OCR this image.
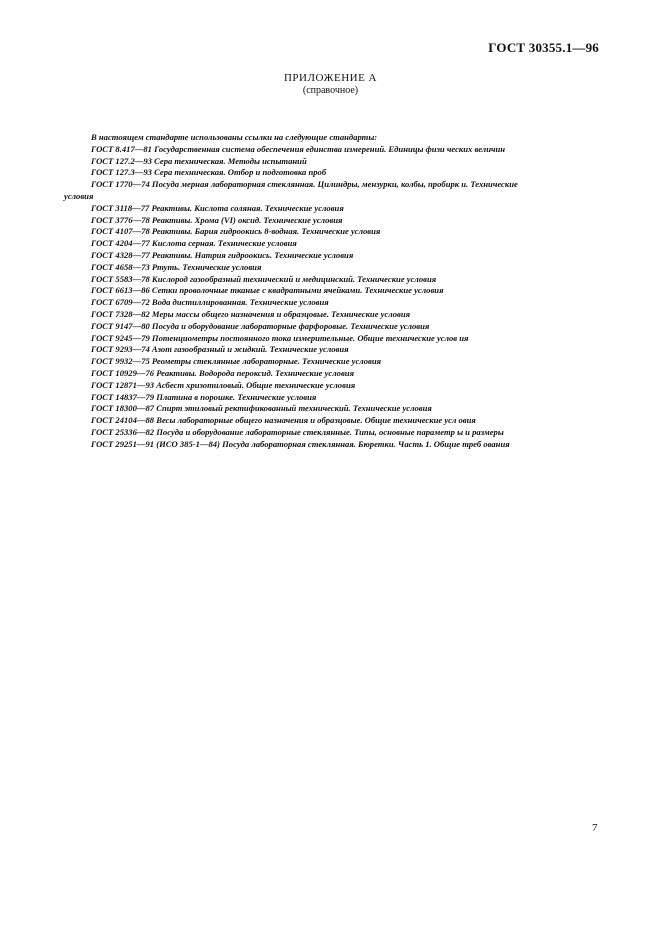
ГОСТ 30355.1—96
ПРИЛОЖЕНИЕ А
(справочное)
В настоящем стандарте использованы ссылки на следующие стандарты:
ГОСТ 8.417—81 Государственная система обеспечения единства измерений. Единицы физи ческих величин
ГОСТ 127.2—93 Сера техническая. Методы испытаний
ГОСТ 127.3—93 Сера техническая. Отбор и подготовка проб
ГОСТ 1770—74 Посуда мерная лабораторная стеклянная. Цилиндры, мензурки, колбы, пробирк и. Технические
условия
ГОСТ 3118—77 Реактивы. Кислота соляная. Технические условия
ГОСТ 3776—78 Реактивы. Хрома (VI) оксид. Технические условия
ГОСТ 4107—78 Реактивы. Бария гидроокись 8-водная. Технические условия
ГОСТ 4204—77 Кислота серная. Технические условия
ГОСТ 4328—77 Реактивы. Натрия гидроокись. Технические условия
ГОСТ 4658—73 Ртуть. Технические условия
ГОСТ 5583—78 Кислород газообразный технический и медицинский. Технические условия
ГОСТ 6613—86 Сетки проволочные тканые с квадратными ячейками. Технические условия
ГОСТ 6709—72 Вода дистиллированная. Технические условия
ГОСТ 7328—82 Меры массы общего назначения и образцовые. Технические условия
ГОСТ 9147—80 Посуда и оборудование лабораторные фарфоровые. Технические условия
ГОСТ 9245—79 Потенциометры постоянного тока измерительные. Общие технические услов ия
ГОСТ 9293—74 Азот газообразный и жидкий. Технические условия
ГОСТ 9932—75 Реометры стеклянные лабораторные. Технические условия
ГОСТ 10929—76 Реактивы. Водорода пероксид. Технические условия
ГОСТ 12871—93 Асбест хризотиловый. Общие технические условия
ГОСТ 14837—79 Платина в порошке. Технические условия
ГОСТ 18300—87 Спирт этиловый ректификованный технический. Технические условия
ГОСТ 24104—88 Весы лабораторные общего назначения и образцовые. Общие технические усл овия
ГОСТ 25336—82 Посуда и оборудование лабораторные стеклянные. Типы, основные параметр ы и размеры
ГОСТ 29251—91 (ИСО 385-1—84) Посуда лабораторная стеклянная. Бюретки. Часть 1. Общие треб ования
7
